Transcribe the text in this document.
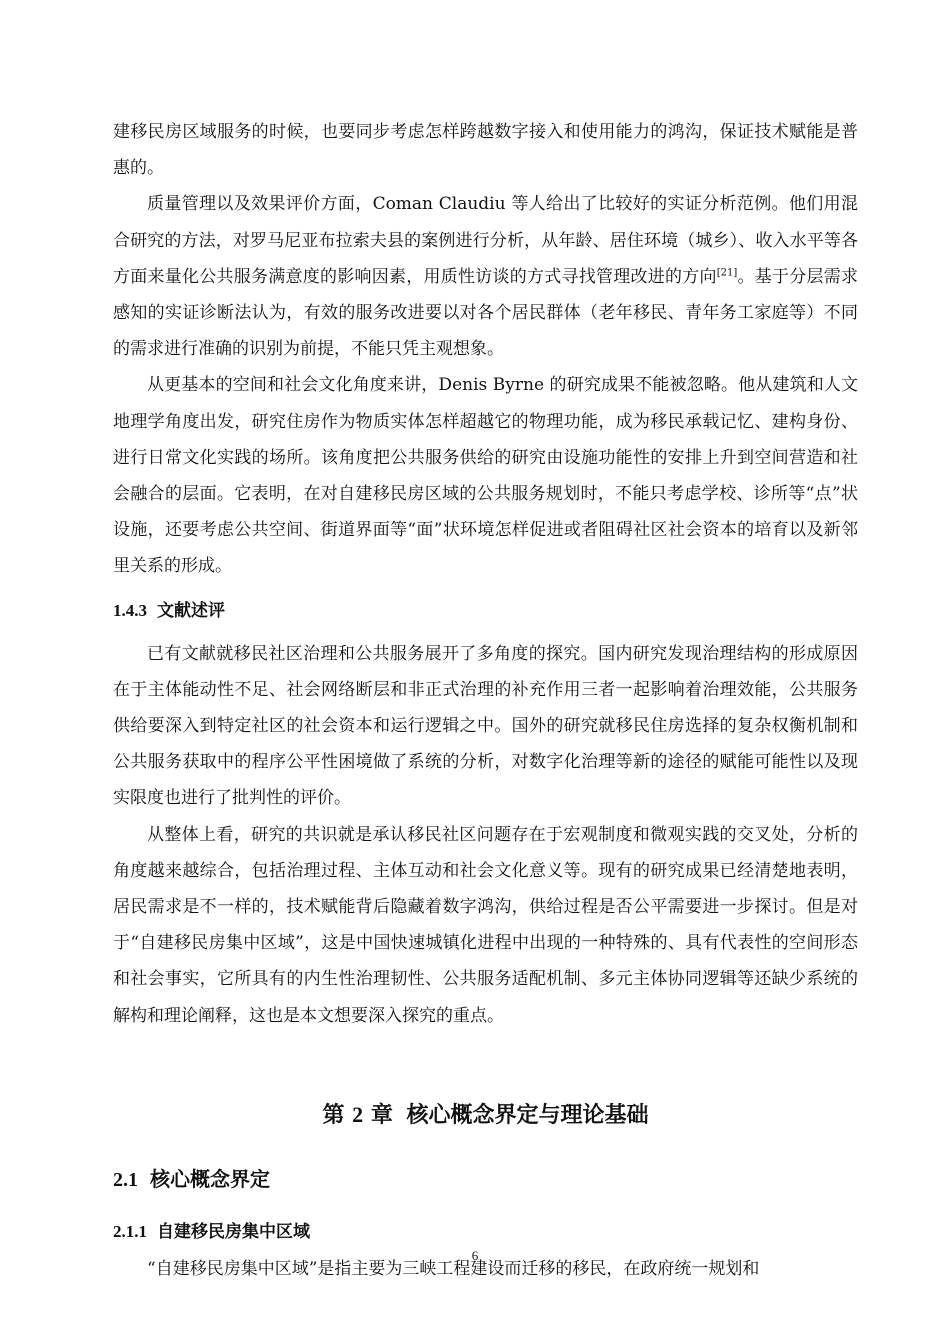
建移民房区域服务的时候，也要同步考虑怎样跨越数字接入和使用能力的鸿沟，保证技术赋能是普惠的。

质量管理以及效果评价方面，Coman Claudiu 等人给出了比较好的实证分析范例。他们用混合研究的方法，对罗马尼亚布拉索夫县的案例进行分析，从年龄、居住环境（城乡）、收入水平等各方面来量化公共服务满意度的影响因素，用质性访谈的方式寻找管理改进的方向[21]。基于分层需求感知的实证诊断法认为，有效的服务改进要以对各个居民群体（老年移民、青年务工家庭等）不同的需求进行准确的识别为前提，不能只凭主观想象。

从更基本的空间和社会文化角度来讲，Denis Byrne 的研究成果不能被忽略。他从建筑和人文地理学角度出发，研究住房作为物质实体怎样超越它的物理功能，成为移民承载记忆、建构身份、进行日常文化实践的场所。该角度把公共服务供给的研究由设施功能性的安排上升到空间营造和社会融合的层面。它表明，在对自建移民房区域的公共服务规划时，不能只考虑学校、诊所等“点”状设施，还要考虑公共空间、街道界面等“面”状环境怎样促进或者阻碍社区社会资本的培育以及新邻里关系的形成。

1.4.3 文献述评

已有文献就移民社区治理和公共服务展开了多角度的探究。国内研究发现治理结构的形成原因在于主体能动性不足、社会网络断层和非正式治理的补充作用三者一起影响着治理效能，公共服务供给要深入到特定社区的社会资本和运行逻辑之中。国外的研究就移民住房选择的复杂权衡机制和公共服务获取中的程序公平性困境做了系统的分析，对数字化治理等新的途径的赋能可能性以及现实限度也进行了批判性的评价。

从整体上看，研究的共识就是承认移民社区问题存在于宏观制度和微观实践的交叉处，分析的角度越来越综合，包括治理过程、主体互动和社会文化意义等。现有的研究成果已经清楚地表明，居民需求是不一样的，技术赋能背后隐藏着数字鸿沟，供给过程是否公平需要进一步探讨。但是对于“自建移民房集中区域”，这是中国快速城镇化进程中出现的一种特殊的、具有代表性的空间形态和社会事实，它所具有的内生性治理韧性、公共服务适配机制、多元主体协同逻辑等还缺少系统的解构和理论阐释，这也是本文想要深入探究的重点。

第 2 章 核心概念界定与理论基础
2.1 核心概念界定
2.1.1 自建移民房集中区域

“自建移民房集中区域”是指主要为三峡工程建设而迁移的移民，在政府统一规划和

6
